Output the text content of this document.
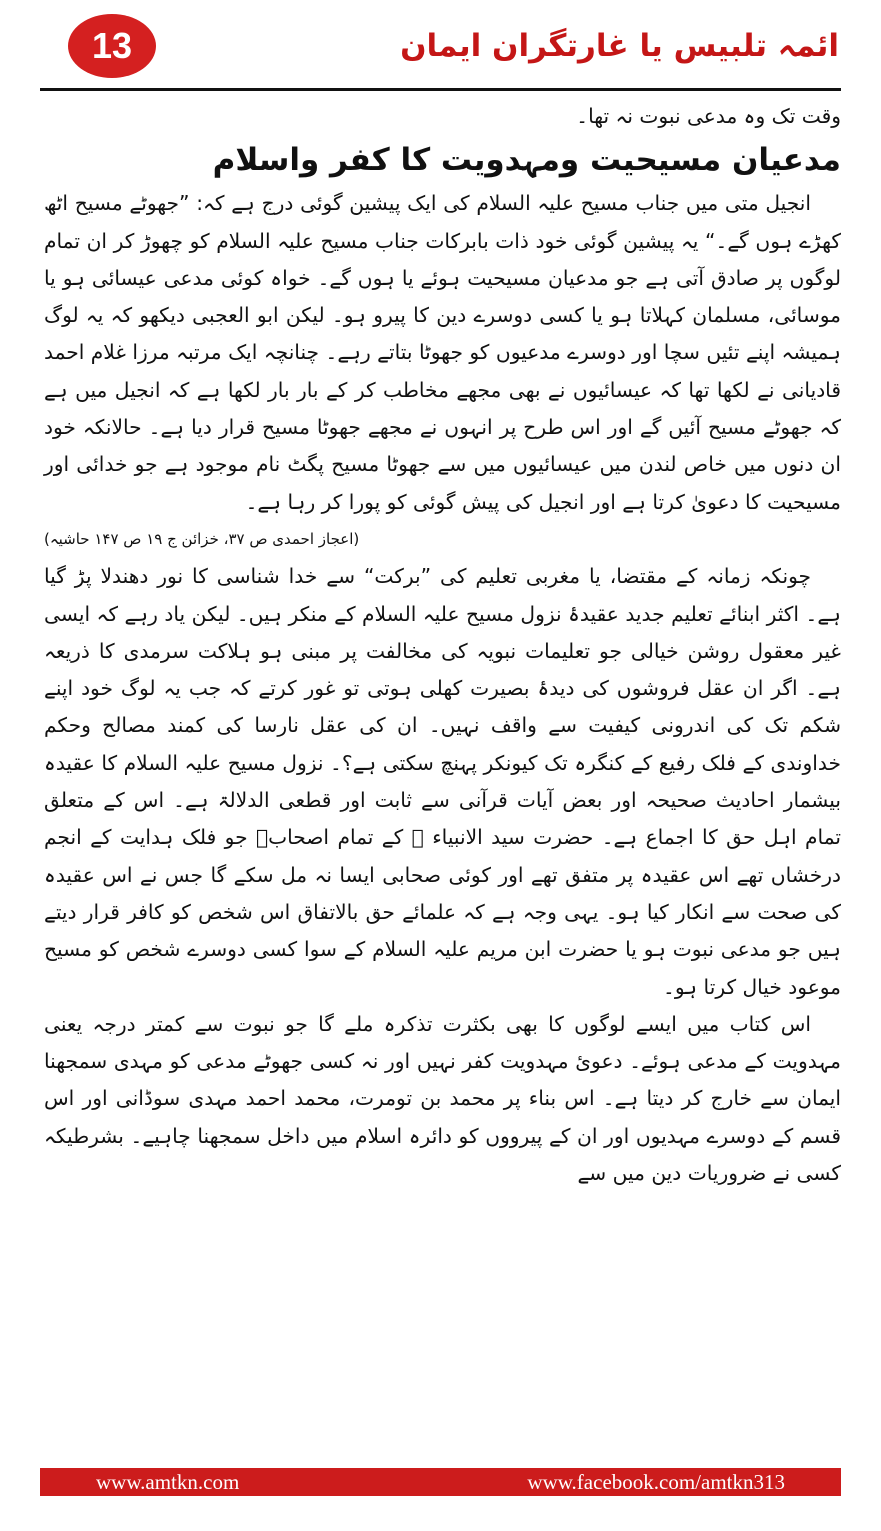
13	ائمہ تلبیس یا غارتگران ایمان

وقت تک وہ مدعی نبوت نہ تھا۔

مدعیان مسیحیت ومہدویت کا کفر واسلام

انجیل متی میں جناب مسیح علیہ السلام کی ایک پیشین گوئی درج ہے کہ: ”جھوٹے مسیح اٹھ کھڑے ہوں گے۔“ یہ پیشین گوئی خود ذات بابرکات جناب مسیح علیہ السلام کو چھوڑ کر ان تمام لوگوں پر صادق آتی ہے جو مدعیان مسیحیت ہوئے یا ہوں گے۔ خواہ کوئی مدعی عیسائی ہو یا موسائی، مسلمان کہلاتا ہو یا کسی دوسرے دین کا پیرو ہو۔ لیکن ابو العجبی دیکھو کہ یہ لوگ ہمیشہ اپنے تئیں سچا اور دوسرے مدعیوں کو جھوٹا بتاتے رہے۔ چنانچہ ایک مرتبہ مرزا غلام احمد قادیانی نے لکھا تھا کہ عیسائیوں نے بھی مجھے مخاطب کر کے بار بار لکھا ہے کہ انجیل میں ہے کہ جھوٹے مسیح آئیں گے اور اس طرح پر انہوں نے مجھے جھوٹا مسیح قرار دیا ہے۔ حالانکہ خود ان دنوں میں خاص لندن میں عیسائیوں میں سے جھوٹا مسیح پگٹ نام موجود ہے جو خدائی اور مسیحیت کا دعویٰ کرتا ہے اور انجیل کی پیش گوئی کو پورا کر رہا ہے۔

(اعجاز احمدی ص ۳۷، خزائن ج ۱۹ ص ۱۴۷ حاشیہ)

چونکہ زمانہ کے مقتضا، یا مغربی تعلیم کی ”برکت“ سے خدا شناسی کا نور دھندلا پڑ گیا ہے۔ اکثر ابنائے تعلیم جدید عقیدۂ نزول مسیح علیہ السلام کے منکر ہیں۔ لیکن یاد رہے کہ ایسی غیر معقول روشن خیالی جو تعلیمات نبویہ کی مخالفت پر مبنی ہو ہلاکت سرمدی کا ذریعہ ہے۔ اگر ان عقل فروشوں کی دیدۂ بصیرت کھلی ہوتی تو غور کرتے کہ جب یہ لوگ خود اپنے شکم تک کی اندرونی کیفیت سے واقف نہیں۔ ان کی عقل نارسا کی کمند مصالح وحکم خداوندی کے فلک رفیع کے کنگرہ تک کیونکر پہنچ سکتی ہے؟۔ نزول مسیح علیہ السلام کا عقیدہ بیشمار احادیث صحیحہ اور بعض آیات قرآنی سے ثابت اور قطعی الدلالۃ ہے۔ اس کے متعلق تمام اہل حق کا اجماع ہے۔ حضرت سید الانبیاء ﷺ کے تمام اصحابؓ جو فلک ہدایت کے انجم درخشاں تھے اس عقیدہ پر متفق تھے اور کوئی صحابی ایسا نہ مل سکے گا جس نے اس عقیدہ کی صحت سے انکار کیا ہو۔ یہی وجہ ہے کہ علمائے حق بالاتفاق اس شخص کو کافر قرار دیتے ہیں جو مدعی نبوت ہو یا حضرت ابن مریم علیہ السلام کے سوا کسی دوسرے شخص کو مسیح موعود خیال کرتا ہو۔

اس کتاب میں ایسے لوگوں کا بھی بکثرت تذکرہ ملے گا جو نبوت سے کمتر درجہ یعنی مہدویت کے مدعی ہوئے۔ دعویٔ مہدویت کفر نہیں اور نہ کسی جھوٹے مدعی کو مہدی سمجھنا ایمان سے خارج کر دیتا ہے۔ اس بناء پر محمد بن تومرت، محمد احمد مہدی سوڈانی اور اس قسم کے دوسرے مہدیوں اور ان کے پیرووں کو دائرہ اسلام میں داخل سمجھنا چاہیے۔ بشرطیکہ کسی نے ضروریات دین میں سے

www.amtkn.com	www.facebook.com/amtkn313
